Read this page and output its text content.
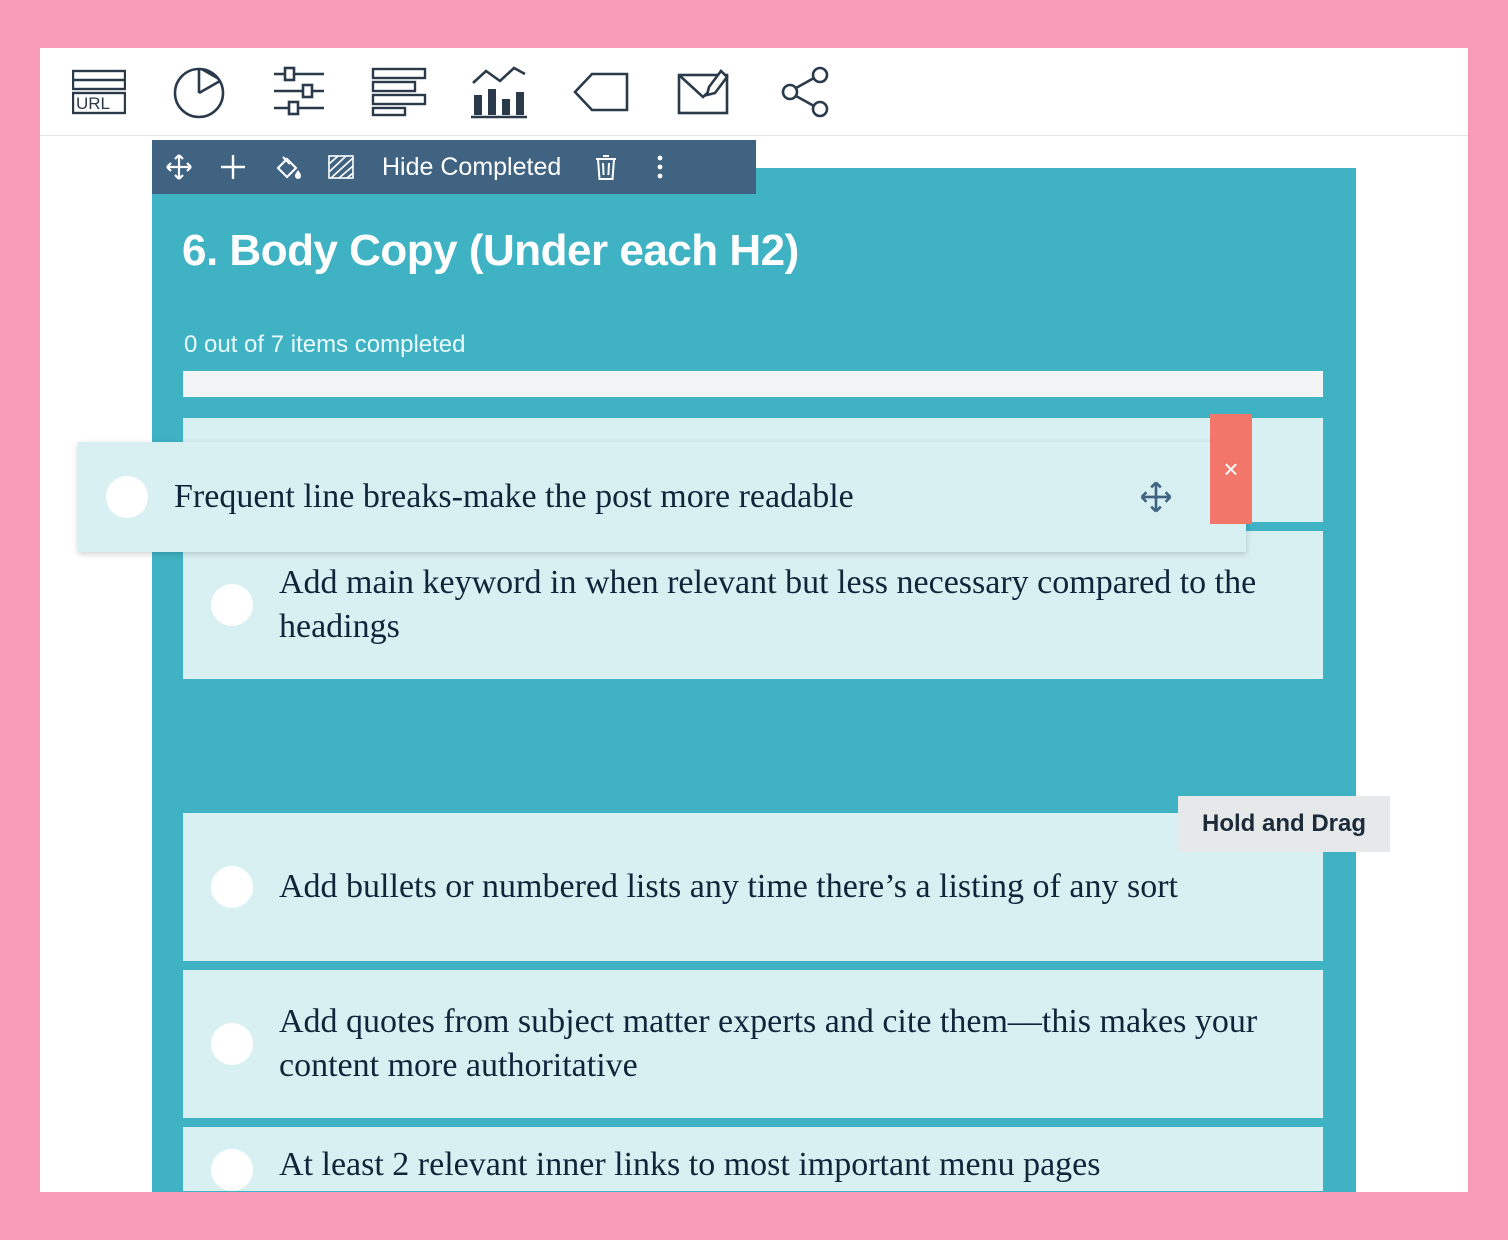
URL
6. Body Copy (Under each H2)
0 out of 7 items completed
Add main keyword in when relevant but less necessary compared to the headings
Add bullets or numbered lists any time there’s a listing of any sort
Add quotes from subject matter experts and cite them––this makes your content more authoritative
At least 2 relevant inner links to most important menu pages
Hide Completed
Frequent line breaks-make the post more readable
×
Hold and Drag
